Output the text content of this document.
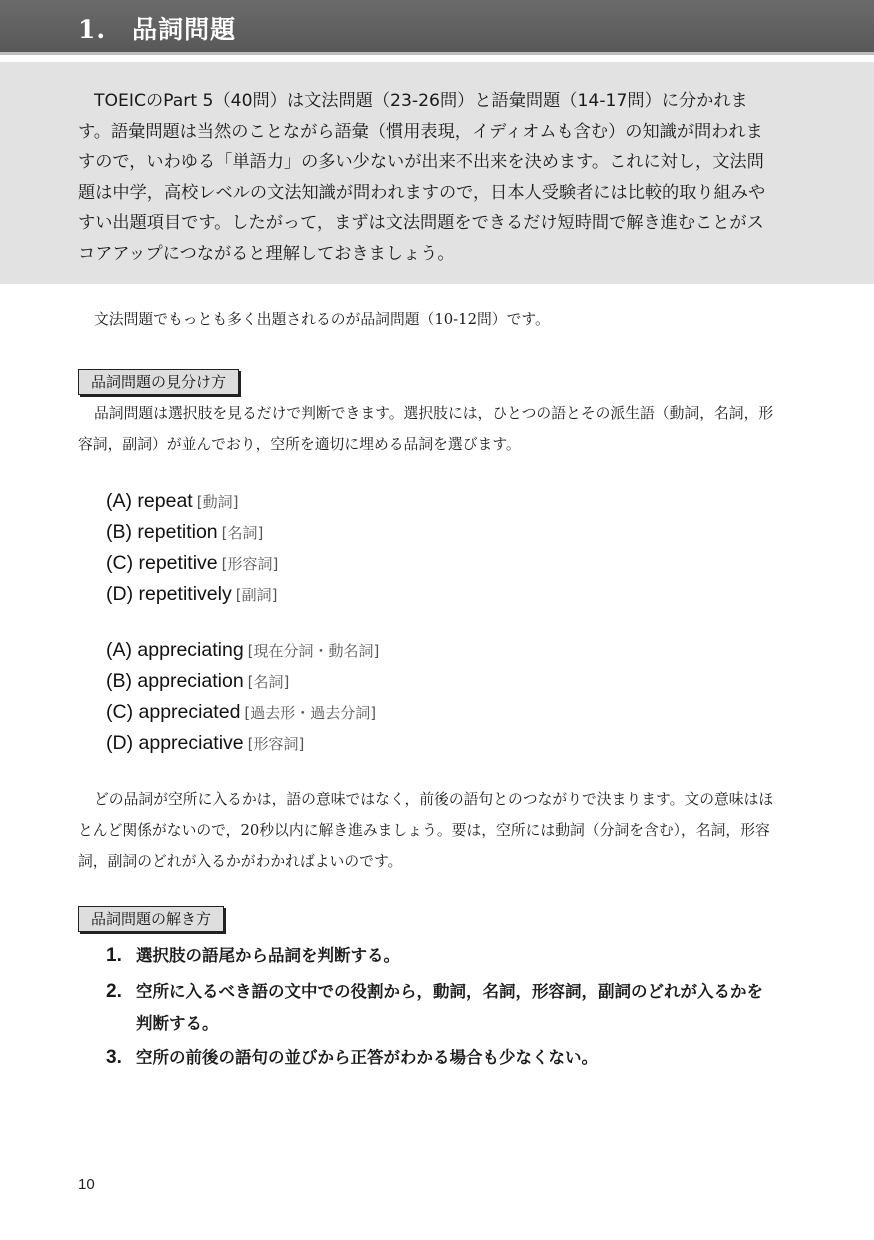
1.　品詞問題

TOEICのPart 5（40問）は文法問題（23-26問）と語彙問題（14-17問）に分かれます。語彙問題は当然のことながら語彙（慣用表現，イディオムも含む）の知識が問われますので，いわゆる「単語力」の多い少ないが出来不出来を決めます。これに対し，文法問題は中学，高校レベルの文法知識が問われますので，日本人受験者には比較的取り組みやすい出題項目です。したがって，まずは文法問題をできるだけ短時間で解き進むことがスコアアップにつながると理解しておきましょう。

文法問題でもっとも多く出題されるのが品詞問題（10-12問）です。

品詞問題の見分け方

品詞問題は選択肢を見るだけで判断できます。選択肢には，ひとつの語とその派生語（動詞，名詞，形容詞，副詞）が並んでおり，空所を適切に埋める品詞を選びます。

(A) repeat [動詞]
(B) repetition [名詞]
(C) repetitive [形容詞]
(D) repetitively [副詞]
(A) appreciating [現在分詞・動名詞]
(B) appreciation [名詞]
(C) appreciated [過去形・過去分詞]
(D) appreciative [形容詞]

どの品詞が空所に入るかは，語の意味ではなく，前後の語句とのつながりで決まります。文の意味はほとんど関係がないので，20秒以内に解き進みましょう。要は，空所には動詞（分詞を含む），名詞，形容詞，副詞のどれが入るかがわかればよいのです。

品詞問題の解き方
1. 選択肢の語尾から品詞を判断する。
2. 空所に入るべき語の文中での役割から，動詞，名詞，形容詞，副詞のどれが入るかを判断する。
3. 空所の前後の語句の並びから正答がわかる場合も少なくない。
10
